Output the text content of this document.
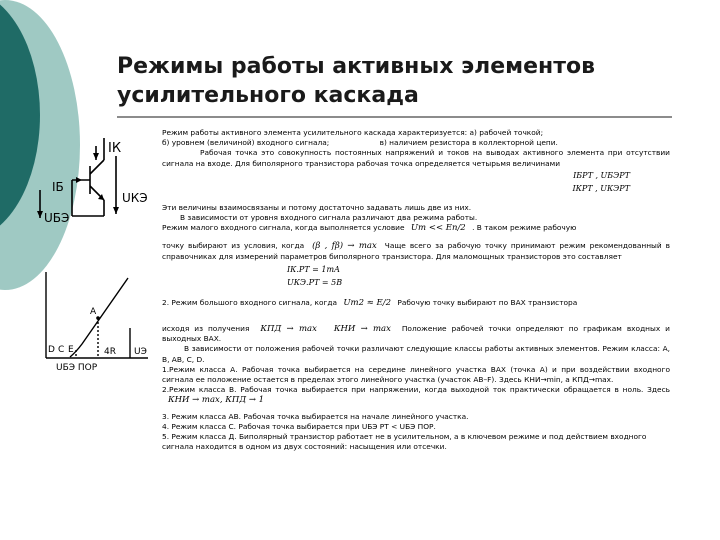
Режимы работы активных элементов
усилительного каскада
IК
IБ
UКЭ
UБЭ
A
D C E	4R UЭ
UБЭ ПОР

Режим работы активного элемента усилительного каскада характеризуется: а) рабочей точкой;

б) уровнем (величиной) входного сигнала;	в) наличием резистора в коллекторной цепи.

Рабочая точка это совокупность постоянных напряжений и токов на выводах активного элемента при отсутствии сигнала на входе. Для биполярного транзистора рабочая точка определяется четырьмя величинами

IБРТ , UБЭРТ
IКРТ , UКЭРТ

Эти величины взаимосвязаны и потому достаточно задавать лишь две из них.

В зависимости от уровня входного сигнала различают два режима работы.

Режим малого входного сигнала, когда выполняется условие Um << Eп/2 . В таком режиме рабочую

точку выбирают из условия, когда (β , fβ) → max Чаще всего за рабочую точку принимают режим рекомендованный в справочниках для измерений параметров биполярного транзистора. Для маломощных транзисторов это составляет

IК.РТ = 1mA
UКЭ.РТ = 5B

2. Режим большого входного сигнала, когда Um2 ≈ E/2 Рабочую точку выбирают по ВАХ транзистора

исходя из получения КПД → max КНИ → max Положение рабочей точки определяют по графикам входных и выходных ВАХ.

В зависимости от положения рабочей точки различают следующие классы работы активных элементов. Режим класса: A, B, AB, C, D.

1.Режим класса А. Рабочая точка выбирается на середине линейного участка ВАХ (точка А) и при воздействии входного сигнала ее положение остается в пределах этого линейного участка (участок AB–F). Здесь КНИ→min, а КПД→max.

2.Режим класса В. Рабочая точка выбирается при напряжении, когда выходной ток практически обращается в ноль. Здесь КНИ → max, КПД → 1

3. Режим класса АВ. Рабочая точка выбирается на начале линейного участка.

4. Режим класса С. Рабочая точка выбирается при UБЭ РТ < UБЭ ПОР.

5. Режим класса Д. Биполярный транзистор работает не в усилительном, а в ключевом режиме и под действием входного сигнала находится в одном из двух состояний: насыщения или отсечки.
